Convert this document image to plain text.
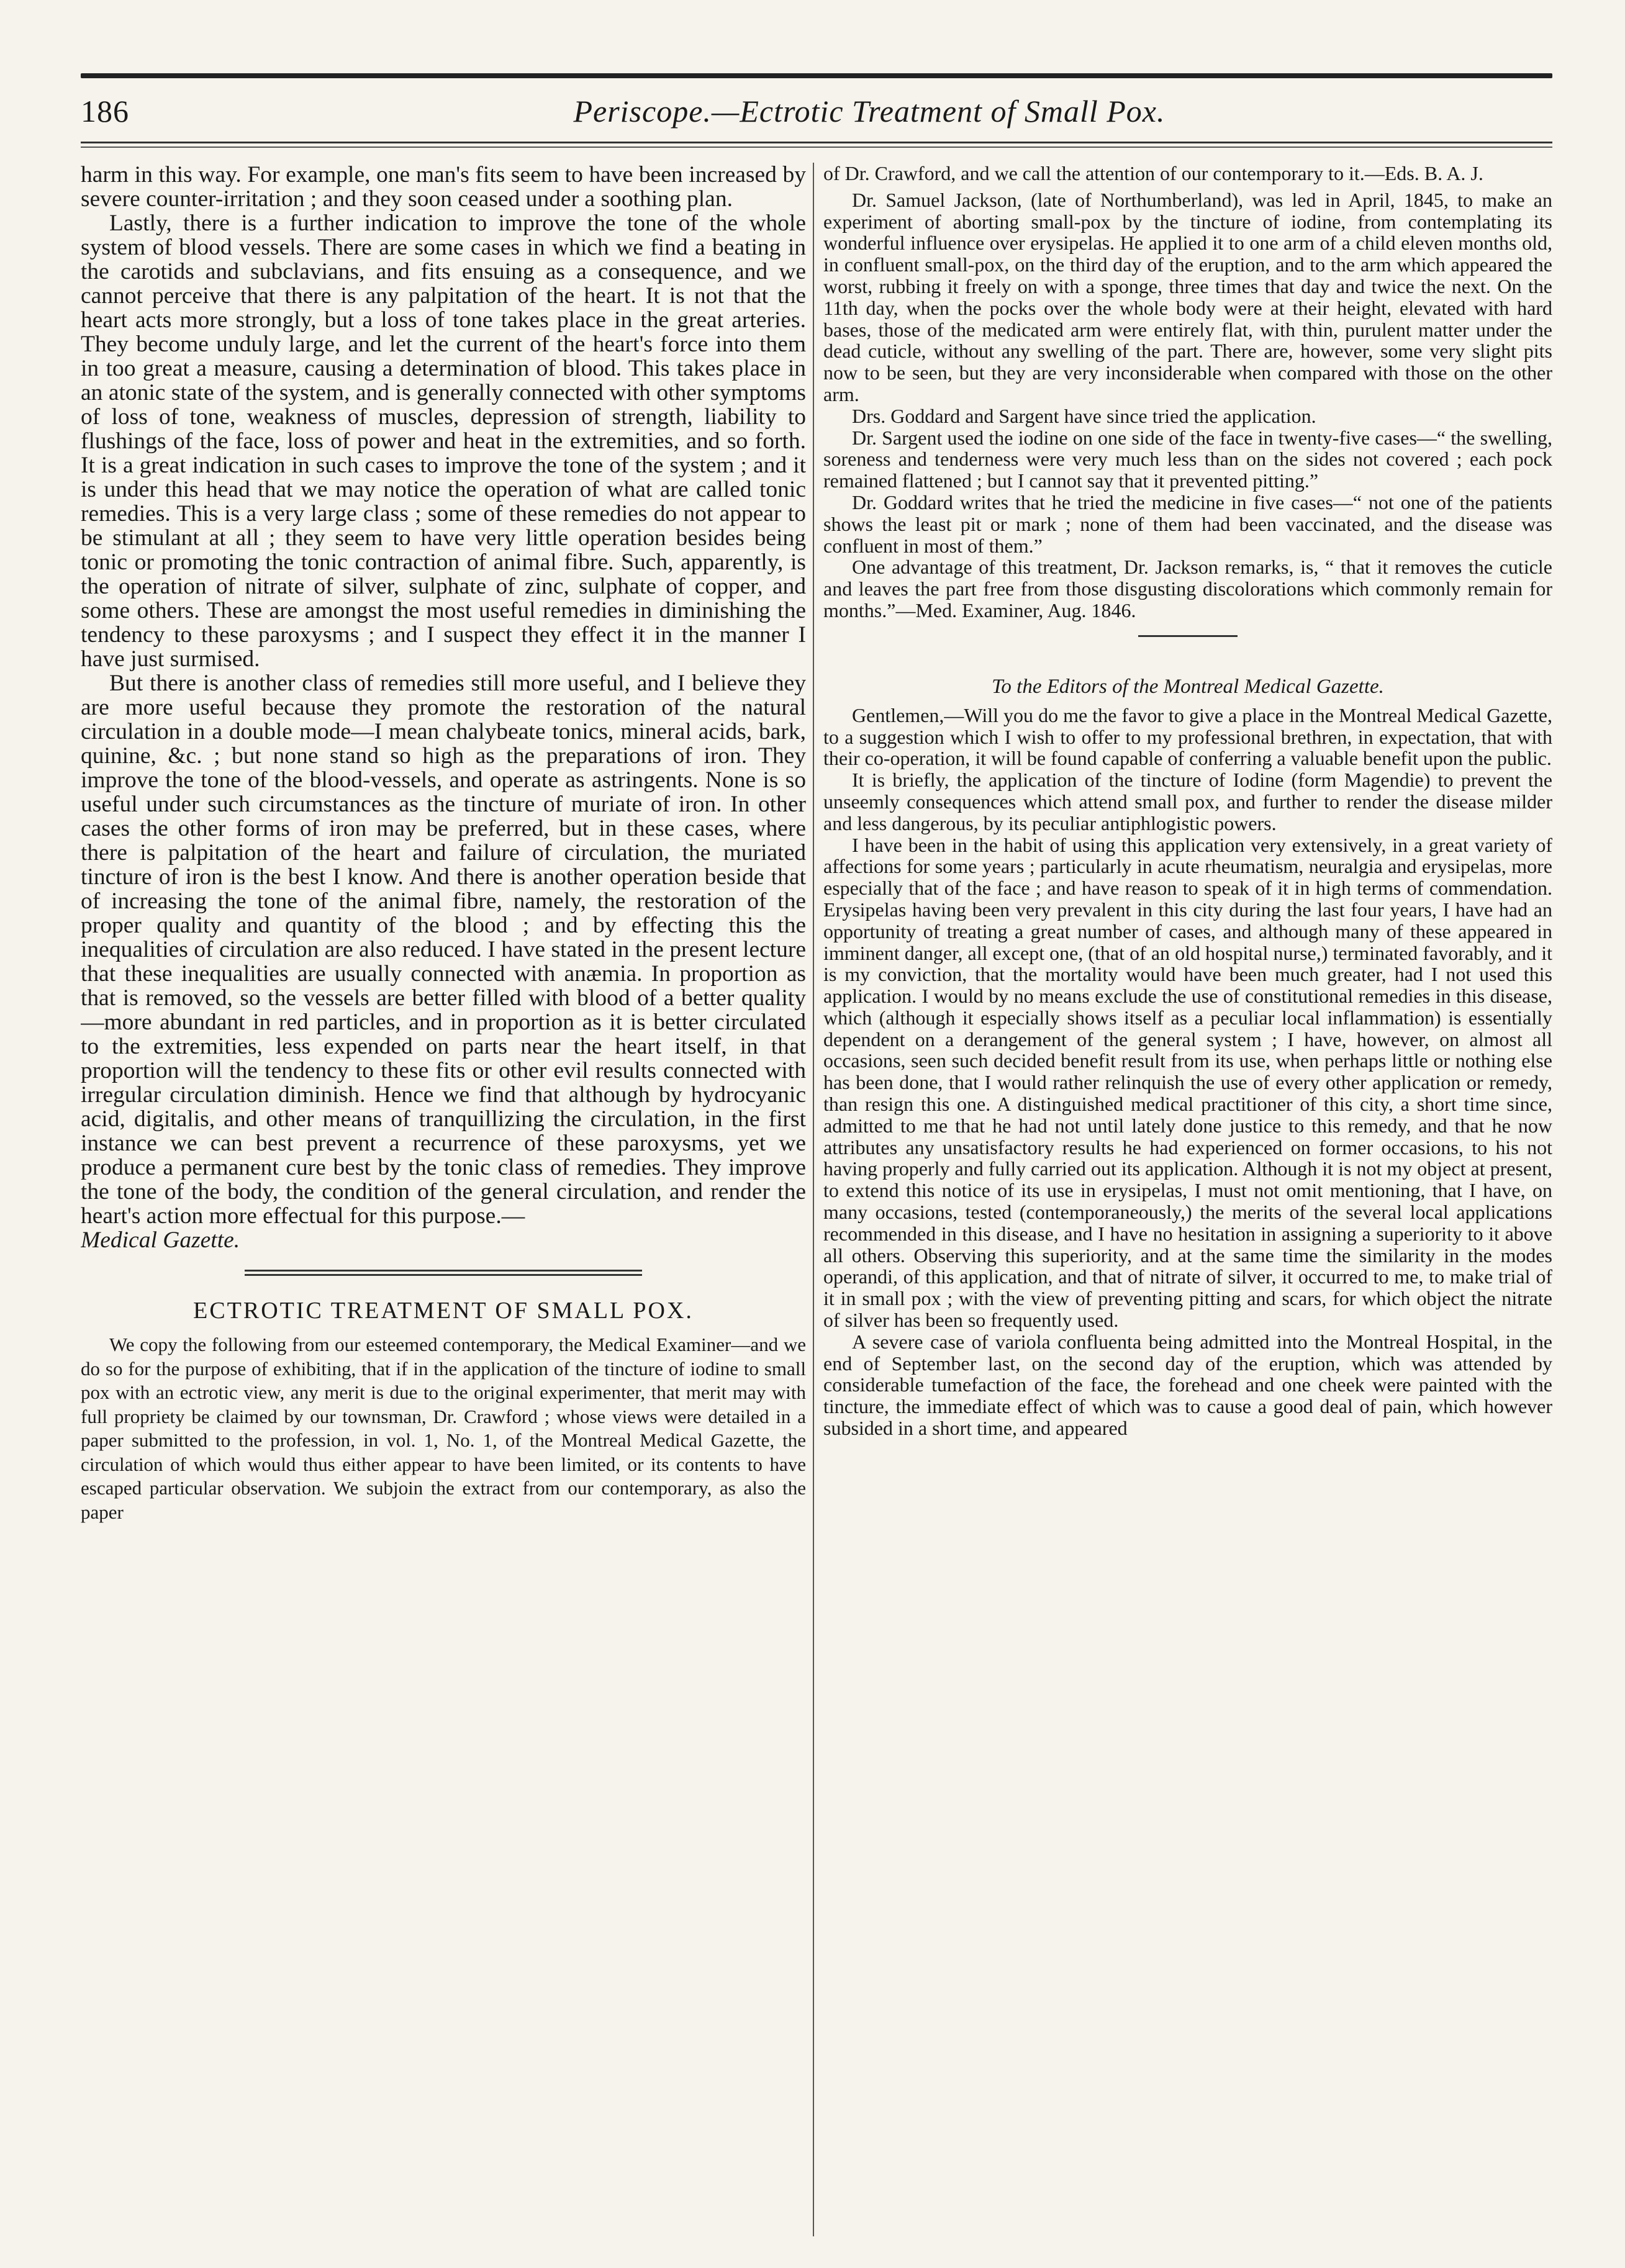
186	Periscope.—Ectrotic Treatment of Small Pox.

harm in this way. For example, one man's fits seem to have been increased by severe counter-irritation ; and they soon ceased under a soothing plan.

Lastly, there is a further indication to improve the tone of the whole system of blood vessels. There are some cases in which we find a beating in the carotids and subclavians, and fits ensuing as a consequence, and we cannot perceive that there is any palpitation of the heart. It is not that the heart acts more strongly, but a loss of tone takes place in the great arteries. They become unduly large, and let the current of the heart's force into them in too great a measure, causing a determination of blood. This takes place in an atonic state of the system, and is generally connected with other symptoms of loss of tone, weakness of muscles, depression of strength, liability to flushings of the face, loss of power and heat in the extremities, and so forth. It is a great indication in such cases to improve the tone of the system ; and it is under this head that we may notice the operation of what are called tonic remedies. This is a very large class ; some of these remedies do not appear to be stimulant at all ; they seem to have very little operation besides being tonic or promoting the tonic contraction of animal fibre. Such, apparently, is the operation of nitrate of silver, sulphate of zinc, sulphate of copper, and some others. These are amongst the most useful remedies in diminishing the tendency to these paroxysms ; and I suspect they effect it in the manner I have just surmised.

But there is another class of remedies still more useful, and I believe they are more useful because they promote the restoration of the natural circulation in a double mode—I mean chalybeate tonics, mineral acids, bark, quinine, &c. ; but none stand so high as the preparations of iron. They improve the tone of the blood-vessels, and operate as astringents. None is so useful under such circumstances as the tincture of muriate of iron. In other cases the other forms of iron may be preferred, but in these cases, where there is palpitation of the heart and failure of circulation, the muriated tincture of iron is the best I know. And there is another operation beside that of increasing the tone of the animal fibre, namely, the restoration of the proper quality and quantity of the blood ; and by effecting this the inequalities of circulation are also reduced. I have stated in the present lecture that these inequalities are usually connected with anæmia. In proportion as that is removed, so the vessels are better filled with blood of a better quality—more abundant in red particles, and in proportion as it is better circulated to the extremities, less expended on parts near the heart itself, in that proportion will the tendency to these fits or other evil results connected with irregular circulation diminish. Hence we find that although by hydrocyanic acid, digitalis, and other means of tranquillizing the circulation, in the first instance we can best prevent a recurrence of these paroxysms, yet we produce a permanent cure best by the tonic class of remedies. They improve the tone of the body, the condition of the general circulation, and render the heart's action more effectual for this purpose.—

Medical Gazette.

ECTROTIC TREATMENT OF SMALL POX.

We copy the following from our esteemed contemporary, the Medical Examiner—and we do so for the purpose of exhibiting, that if in the application of the tincture of iodine to small pox with an ectrotic view, any merit is due to the original experimenter, that merit may with full propriety be claimed by our townsman, Dr. Crawford ; whose views were detailed in a paper submitted to the profession, in vol. 1, No. 1, of the Montreal Medical Gazette, the circulation of which would thus either appear to have been limited, or its contents to have escaped particular observation. We subjoin the extract from our contemporary, as also the paper

of Dr. Crawford, and we call the attention of our contemporary to it.—Eds. B. A. J.

Dr. Samuel Jackson, (late of Northumberland), was led in April, 1845, to make an experiment of aborting small-pox by the tincture of iodine, from contemplating its wonderful influence over erysipelas. He applied it to one arm of a child eleven months old, in confluent small-pox, on the third day of the eruption, and to the arm which appeared the worst, rubbing it freely on with a sponge, three times that day and twice the next. On the 11th day, when the pocks over the whole body were at their height, elevated with hard bases, those of the medicated arm were entirely flat, with thin, purulent matter under the dead cuticle, without any swelling of the part. There are, however, some very slight pits now to be seen, but they are very inconsiderable when compared with those on the other arm.

Drs. Goddard and Sargent have since tried the application.

Dr. Sargent used the iodine on one side of the face in twenty-five cases—“ the swelling, soreness and tenderness were very much less than on the sides not covered ; each pock remained flattened ; but I cannot say that it prevented pitting.”

Dr. Goddard writes that he tried the medicine in five cases—“ not one of the patients shows the least pit or mark ; none of them had been vaccinated, and the disease was confluent in most of them.”

One advantage of this treatment, Dr. Jackson remarks, is, “ that it removes the cuticle and leaves the part free from those disgusting discolorations which commonly remain for months.”—Med. Examiner, Aug. 1846.

To the Editors of the Montreal Medical Gazette.

Gentlemen,—Will you do me the favor to give a place in the Montreal Medical Gazette, to a suggestion which I wish to offer to my professional brethren, in expectation, that with their co-operation, it will be found capable of conferring a valuable benefit upon the public.

It is briefly, the application of the tincture of Iodine (form Magendie) to prevent the unseemly consequences which attend small pox, and further to render the disease milder and less dangerous, by its peculiar antiphlogistic powers.

I have been in the habit of using this application very extensively, in a great variety of affections for some years ; particularly in acute rheumatism, neuralgia and erysipelas, more especially that of the face ; and have reason to speak of it in high terms of commendation. Erysipelas having been very prevalent in this city during the last four years, I have had an opportunity of treating a great number of cases, and although many of these appeared in imminent danger, all except one, (that of an old hospital nurse,) terminated favorably, and it is my conviction, that the mortality would have been much greater, had I not used this application. I would by no means exclude the use of constitutional remedies in this disease, which (although it especially shows itself as a peculiar local inflammation) is essentially dependent on a derangement of the general system ; I have, however, on almost all occasions, seen such decided benefit result from its use, when perhaps little or nothing else has been done, that I would rather relinquish the use of every other application or remedy, than resign this one. A distinguished medical practitioner of this city, a short time since, admitted to me that he had not until lately done justice to this remedy, and that he now attributes any unsatisfactory results he had experienced on former occasions, to his not having properly and fully carried out its application. Although it is not my object at present, to extend this notice of its use in erysipelas, I must not omit mentioning, that I have, on many occasions, tested (contemporaneously,) the merits of the several local applications recommended in this disease, and I have no hesitation in assigning a superiority to it above all others. Observing this superiority, and at the same time the similarity in the modes operandi, of this application, and that of nitrate of silver, it occurred to me, to make trial of it in small pox ; with the view of preventing pitting and scars, for which object the nitrate of silver has been so frequently used.

A severe case of variola confluenta being admitted into the Montreal Hospital, in the end of September last, on the second day of the eruption, which was attended by considerable tumefaction of the face, the forehead and one cheek were painted with the tincture, the immediate effect of which was to cause a good deal of pain, which however subsided in a short time, and appeared
